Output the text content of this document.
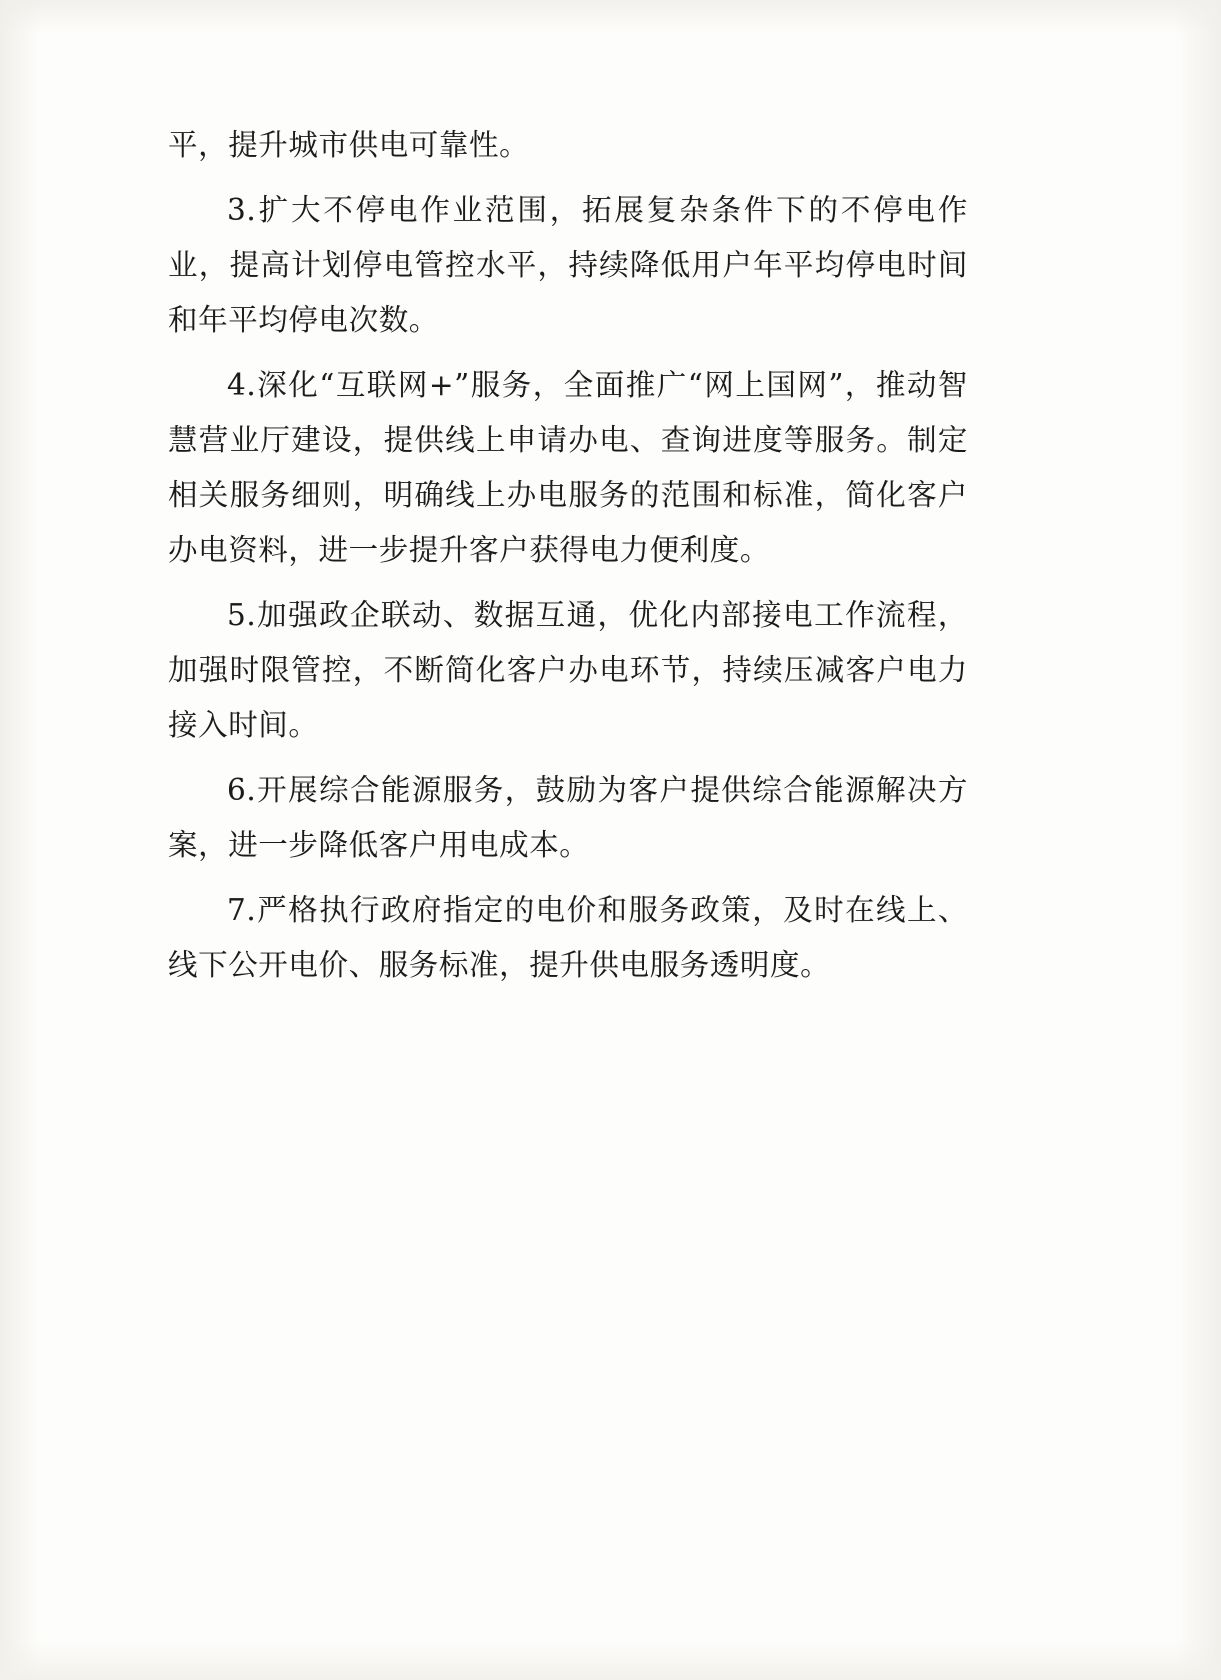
平，提升城市供电可靠性。

3.扩大不停电作业范围，拓展复杂条件下的不停电作业，提高计划停电管控水平，持续降低用户年平均停电时间和年平均停电次数。

4.深化“互联网+”服务，全面推广“网上国网”，推动智慧营业厅建设，提供线上申请办电、查询进度等服务。制定相关服务细则，明确线上办电服务的范围和标准，简化客户办电资料，进一步提升客户获得电力便利度。

5.加强政企联动、数据互通，优化内部接电工作流程，加强时限管控，不断简化客户办电环节，持续压减客户电力接入时间。

6.开展综合能源服务，鼓励为客户提供综合能源解决方案，进一步降低客户用电成本。

7.严格执行政府指定的电价和服务政策，及时在线上、线下公开电价、服务标准，提升供电服务透明度。
